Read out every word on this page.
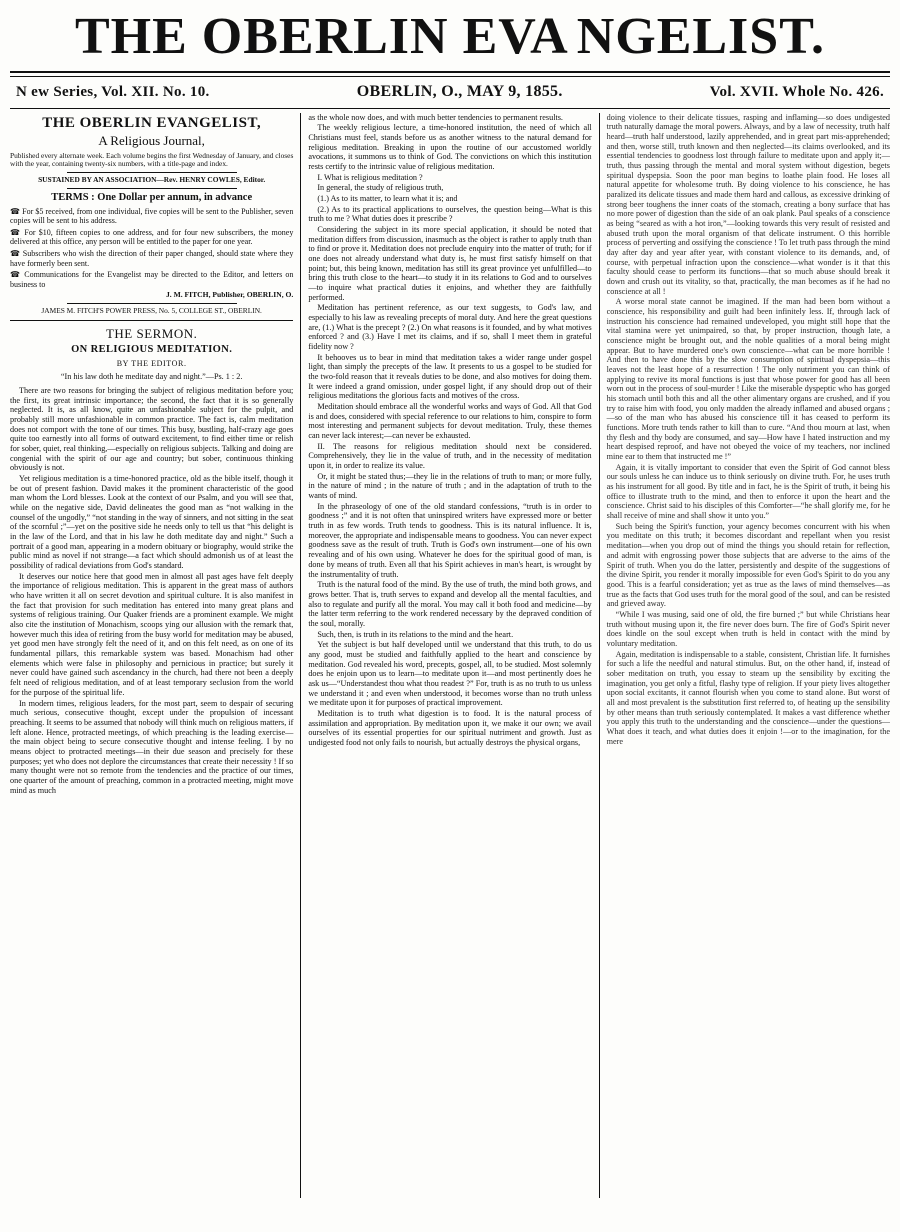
THE OBERLIN EVA NGELIST.
N ew Series, Vol. XII. No. 10.	OBERLIN, O., MAY 9, 1855.	Vol. XVII. Whole No. 426.
THE OBERLIN EVANGELIST,
A Religious Journal,
Published every alternate week. Each volume begins the first Wednesday of January, and closes with the year, containing twenty-six numbers, with a title-page and index.
SUSTAINED BY AN ASSOCIATION—Rev. HENRY COWLES, Editor.
TERMS : One Dollar per annum, in advance
☎ For $5 received, from one individual, five copies will be sent to the Publisher, seven copies will be sent to his address.
☎ For $10, fifteen copies to one address, and for four new subscribers, the money delivered at this office, any person will be entitled to the paper for one year.
☎ Subscribers who wish the direction of their paper changed, should state where they have formerly been sent.
☎ Communications for the Evangelist may be directed to the Editor, and letters on business to
J. M. FITCH, Publisher, OBERLIN, O.
JAMES M. FITCH'S POWER PRESS, No. 5, COLLEGE ST., OBERLIN.
THE SERMON.
ON RELIGIOUS MEDITATION.
BY THE EDITOR.
“In his law doth he meditate day and night.”—Ps. 1 : 2.

There are two reasons for bringing the subject of religious meditation before you; the first, its great intrinsic importance; the second, the fact that it is so generally neglected. It is, as all know, quite an unfashionable subject for the pulpit, and probably still more unfashionable in common practice. The fact is, calm meditation does not comport with the tone of our times. This busy, bustling, half-crazy age goes quite too earnestly into all forms of outward excitement, to find either time or relish for sober, quiet, real thinking,—especially on religious subjects. Talking and doing are congenial with the spirit of our age and country; but sober, continuous thinking obviously is not.

Yet religious meditation is a time-honored practice, old as the bible itself, though it be out of present fashion. David makes it the prominent characteristic of the good man whom the Lord blesses. Look at the context of our Psalm, and you will see that, while on the negative side, David delineates the good man as “not walking in the counsel of the ungodly,” “not standing in the way of sinners, and not sitting in the seat of the scornful ;”—yet on the positive side he needs only to tell us that “his delight is in the law of the Lord, and that in his law he doth meditate day and night.” Such a portrait of a good man, appearing in a modern obituary or biography, would strike the public mind as novel if not strange—a fact which should admonish us of at least the possibility of radical deviations from God's standard.

It deserves our notice here that good men in almost all past ages have felt deeply the importance of religious meditation. This is apparent in the great mass of authors who have written it all on secret devotion and spiritual culture. It is also manifest in the fact that provision for such meditation has entered into many great plans and systems of religious training. Our Quaker friends are a prominent example. We might also cite the institution of Monachism, scoops ying our allusion with the remark that, however much this idea of retiring from the busy world for meditation may be abused, yet good men have strongly felt the need of it, and on this felt need, as on one of its fundamental pillars, this remarkable system was based. Monachism had other elements which were false in philosophy and pernicious in practice; but surely it never could have gained such ascendancy in the church, had there not been a deeply felt need of religious meditation, and of at least temporary seclusion from the world for the purpose of the spiritual life.

In modern times, religious leaders, for the most part, seem to despair of securing much serious, consecutive thought, except under the propulsion of incessant preaching. It seems to be assumed that nobody will think much on religious matters, if left alone. Hence, protracted meetings, of which preaching is the leading exercise—the main object being to secure consecutive thought and intense feeling. I by no means object to protracted meetings—in their due season and precisely for these purposes; yet who does not deplore the circumstances that create their necessity ! If so many thought were not so remote from the tendencies and the practice of our times, one quarter of the amount of preaching, common in a protracted meeting, might move mind as much

as the whole now does, and with much better tendencies to permanent results.

The weekly religious lecture, a time-honored institution, the need of which all Christians must feel, stands before us as another witness to the natural demand for religious meditation. Breaking in upon the routine of our accustomed worldly avocations, it summons us to think of God. The convictions on which this institution rests certify to the intrinsic value of religious meditation.

I. What is religious meditation ?

In general, the study of religious truth,

(1.) As to its matter, to learn what it is; and

(2.) As to its practical applications to ourselves, the question being—What is this truth to me ? What duties does it prescribe ?

Considering the subject in its more special application, it should be noted that meditation differs from discussion, inasmuch as the object is rather to apply truth than to find or prove it. Meditation does not preclude enquiry into the matter of truth; for if one does not already understand what duty is, he must first satisfy himself on that point; but, this being known, meditation has still its great province yet unfulfilled—to bring this truth close to the heart—to study it in its relations to God and to ourselves—to inquire what practical duties it enjoins, and whether they are faithfully performed.

Meditation has pertinent reference, as our text suggests, to God's law, and especially to his law as revealing precepts of moral duty. And here the great questions are, (1.) What is the precept ? (2.) On what reasons is it founded, and by what motives enforced ? and (3.) Have I met its claims, and if so, shall I meet them in grateful fidelity now ?

It behooves us to bear in mind that meditation takes a wider range under gospel light, than simply the precepts of the law. It presents to us a gospel to be studied for the two-fold reason that it reveals duties to be done, and also motives for doing them. It were indeed a grand omission, under gospel light, if any should drop out of their religious meditations the glorious facts and motives of the cross.

Meditation should embrace all the wonderful works and ways of God. All that God is and does, considered with special reference to our relations to him, conspire to form most interesting and permanent subjects for devout meditation. Truly, these themes can never lack interest;—can never be exhausted.

II. The reasons for religious meditation should next be considered. Comprehensively, they lie in the value of truth, and in the necessity of meditation upon it, in order to realize its value.

Or, it might be stated thus;—they lie in the relations of truth to man; or more fully, in the nature of mind ; in the nature of truth ; and in the adaptation of truth to the wants of mind.

In the phraseology of one of the old standard confessions, “truth is in order to goodness ;” and it is not often that uninspired writers have expressed more or better truth in as few words. Truth tends to goodness. This is its natural influence. It is, moreover, the appropriate and indispensable means to goodness. You can never expect goodness save as the result of truth. Truth is God's own instrument—one of his own revealing and of his own using. Whatever he does for the spiritual good of man, is done by means of truth. Even all that his Spirit achieves in man's heart, is wrought by the instrumentality of truth.

Truth is the natural food of the mind. By the use of truth, the mind both grows, and grows better. That is, truth serves to expand and develop all the mental faculties, and also to regulate and purify all the moral. You may call it both food and medicine—by the latter term referring to the work rendered necessary by the depraved condition of the soul, morally.

Such, then, is truth in its relations to the mind and the heart.

Yet the subject is but half developed until we understand that this truth, to do us any good, must be studied and faithfully applied to the heart and conscience by meditation. God revealed his word, precepts, gospel, all, to be studied. Most solemnly does he enjoin upon us to learn—to meditate upon it—and most pertinently does he ask us—“Understandest thou what thou readest ?” For, truth is as no truth to us unless we understand it ; and even when understood, it becomes worse than no truth unless we meditate upon it for purposes of practical improvement.

Meditation is to truth what digestion is to food. It is the natural process of assimilation and appropriation. By meditation upon it, we make it our own; we avail ourselves of its essential properties for our spiritual nutriment and growth. Just as undigested food not only fails to nourish, but actually destroys the physical organs,

doing violence to their delicate tissues, rasping and inflaming—so does undigested truth naturally damage the moral powers. Always, and by a law of necessity, truth half heard—truth half understood, lazily apprehended, and in great part mis-apprehended; and then, worse still, truth known and then neglected—its claims overlooked, and its essential tendencies to goodness lost through failure to meditate upon and apply it;—truth, thus passing through the mental and moral system without digestion, begets spiritual dyspepsia. Soon the poor man begins to loathe plain food. He loses all natural appetite for wholesome truth. By doing violence to his conscience, he has paralized its delicate tissues and made them hard and callous, as excessive drinking of strong beer toughens the inner coats of the stomach, creating a bony surface that has no more power of digestion than the side of an oak plank. Paul speaks of a conscience as being “seared as with a hot iron,”—looking towards this very result of resisted and abused truth upon the moral organism of that delicate instrument. O this horrible process of perverting and ossifying the conscience ! To let truth pass through the mind day after day and year after year, with constant violence to its demands, and, of course, with perpetual infraction upon the conscience—what wonder is it that this faculty should cease to perform its functions—that so much abuse should break it down and crush out its vitality, so that, practically, the man becomes as if he had no conscience at all !

A worse moral state cannot be imagined. If the man had been born without a conscience, his responsibility and guilt had been infinitely less. If, through lack of instruction his conscience had remained undeveloped, you might still hope that the vital stamina were yet unimpaired, so that, by proper instruction, though late, a conscience might be brought out, and the noble qualities of a moral being might appear. But to have murdered one's own conscience—what can be more horrible ! And then to have done this by the slow consumption of spiritual dyspepsia—this leaves not the least hope of a resurrection ! The only nutriment you can think of applying to revive its moral functions is just that whose power for good has all been worn out in the process of soul-murder ! Like the miserable dyspeptic who has gorged his stomach until both this and all the other alimentary organs are crushed, and if you try to raise him with food, you only madden the already inflamed and abused organs ;—so of the man who has abused his conscience till it has ceased to perform its functions. More truth tends rather to kill than to cure. “And thou mourn at last, when thy flesh and thy body are consumed, and say—How have I hated instruction and my heart despised reproof, and have not obeyed the voice of my teachers, nor inclined mine ear to them that instructed me !”

Again, it is vitally important to consider that even the Spirit of God cannot bless our souls unless he can induce us to think seriously on divine truth. For, he uses truth as his instrument for all good. By title and in fact, he is the Spirit of truth, it being his office to illustrate truth to the mind, and then to enforce it upon the heart and the conscience. Christ said to his disciples of this Comforter—“he shall glorify me, for he shall receive of mine and shall show it unto you.”

Such being the Spirit's function, your agency becomes concurrent with his when you meditate on this truth; it becomes discordant and repellant when you resist meditation—when you drop out of mind the things you should retain for reflection, and admit with engrossing power those subjects that are adverse to the aims of the Spirit of truth. When you do the latter, persistently and despite of the suggestions of the divine Spirit, you render it morally impossible for even God's Spirit to do you any good. This is a fearful consideration; yet as true as the laws of mind themselves—as true as the facts that God uses truth for the moral good of the soul, and can be resisted and grieved away.

“While I was musing, said one of old, the fire burned ;” but while Christians hear truth without musing upon it, the fire never does burn. The fire of God's Spirit never does kindle on the soul except when truth is held in contact with the mind by voluntary meditation.

Again, meditation is indispensable to a stable, consistent, Christian life. It furnishes for such a life the needful and natural stimulus. But, on the other hand, if, instead of sober meditation on truth, you essay to steam up the sensibility by exciting the imagination, you get only a fitful, flashy type of religion. If your piety lives altogether upon social excitants, it cannot flourish when you come to stand alone. But worst of all and most prevalent is the substitution first referred to, of heating up the sensibility by other means than truth seriously contemplated. It makes a vast difference whether you apply this truth to the understanding and the conscience—under the questions—What does it teach, and what duties does it enjoin !—or to the imagination, for the mere
